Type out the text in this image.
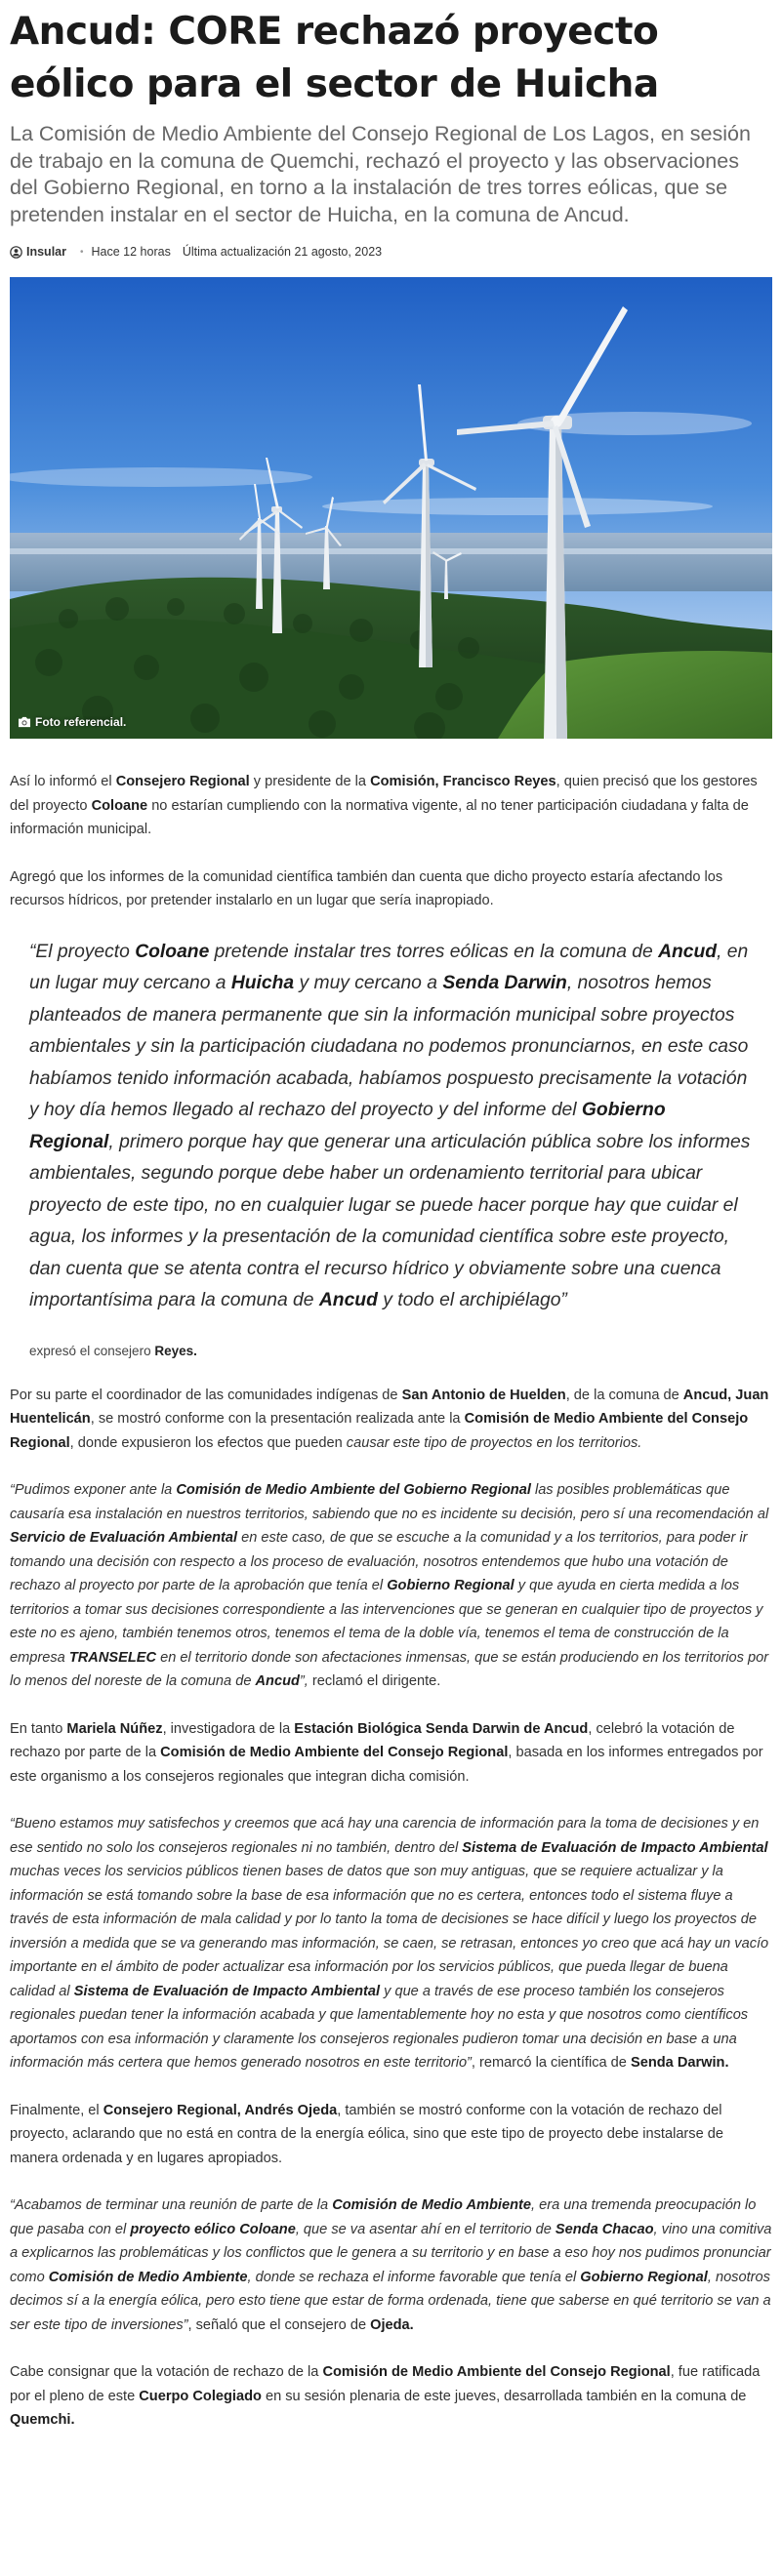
Ancud: CORE rechazó proyecto eólico para el sector de Huicha

La Comisión de Medio Ambiente del Consejo Regional de Los Lagos, en sesión de trabajo en la comuna de Quemchi, rechazó el proyecto y las observaciones del Gobierno Regional, en torno a la instalación de tres torres eólicas, que se pretenden instalar en el sector de Huicha, en la comuna de Ancud.

Insular • Hace 12 horas Última actualización 21 agosto, 2023
Foto referencial.

Así lo informó el Consejero Regional y presidente de la Comisión, Francisco Reyes, quien precisó que los gestores del proyecto Coloane no estarían cumpliendo con la normativa vigente, al no tener participación ciudadana y falta de información municipal.

Agregó que los informes de la comunidad científica también dan cuenta que dicho proyecto estaría afectando los recursos hídricos, por pretender instalarlo en un lugar que sería inapropiado.

“El proyecto Coloane pretende instalar tres torres eólicas en la comuna de Ancud, en un lugar muy cercano a Huicha y muy cercano a Senda Darwin, nosotros hemos planteados de manera permanente que sin la información municipal sobre proyectos ambientales y sin la participación ciudadana no podemos pronunciarnos, en este caso habíamos tenido información acabada, habíamos pospuesto precisamente la votación y hoy día hemos llegado al rechazo del proyecto y del informe del Gobierno Regional, primero porque hay que generar una articulación pública sobre los informes ambientales, segundo porque debe haber un ordenamiento territorial para ubicar proyecto de este tipo, no en cualquier lugar se puede hacer porque hay que cuidar el agua, los informes y la presentación de la comunidad científica sobre este proyecto, dan cuenta que se atenta contra el recurso hídrico y obviamente sobre una cuenca importantísima para la comuna de Ancud y todo el archipiélago”
expresó el consejero Reyes.

Por su parte el coordinador de las comunidades indígenas de San Antonio de Huelden, de la comuna de Ancud, Juan Huentelicán, se mostró conforme con la presentación realizada ante la Comisión de Medio Ambiente del Consejo Regional, donde expusieron los efectos que pueden causar este tipo de proyectos en los territorios.

“Pudimos exponer ante la Comisión de Medio Ambiente del Gobierno Regional las posibles problemáticas que causaría esa instalación en nuestros territorios, sabiendo que no es incidente su decisión, pero sí una recomendación al Servicio de Evaluación Ambiental en este caso, de que se escuche a la comunidad y a los territorios, para poder ir tomando una decisión con respecto a los proceso de evaluación, nosotros entendemos que hubo una votación de rechazo al proyecto por parte de la aprobación que tenía el Gobierno Regional y que ayuda en cierta medida a los territorios a tomar sus decisiones correspondiente a las intervenciones que se generan en cualquier tipo de proyectos y este no es ajeno, también tenemos otros, tenemos el tema de la doble vía, tenemos el tema de construcción de la empresa TRANSELEC en el territorio donde son afectaciones inmensas, que se están produciendo en los territorios por lo menos del noreste de la comuna de Ancud”, reclamó el dirigente.

En tanto Mariela Núñez, investigadora de la Estación Biológica Senda Darwin de Ancud, celebró la votación de rechazo por parte de la Comisión de Medio Ambiente del Consejo Regional, basada en los informes entregados por este organismo a los consejeros regionales que integran dicha comisión.

“Bueno estamos muy satisfechos y creemos que acá hay una carencia de información para la toma de decisiones y en ese sentido no solo los consejeros regionales ni no también, dentro del Sistema de Evaluación de Impacto Ambiental muchas veces los servicios públicos tienen bases de datos que son muy antiguas, que se requiere actualizar y la información se está tomando sobre la base de esa información que no es certera, entonces todo el sistema fluye a través de esta información de mala calidad y por lo tanto la toma de decisiones se hace difícil y luego los proyectos de inversión a medida que se va generando mas información, se caen, se retrasan, entonces yo creo que acá hay un vacío importante en el ámbito de poder actualizar esa información por los servicios públicos, que pueda llegar de buena calidad al Sistema de Evaluación de Impacto Ambiental y que a través de ese proceso también los consejeros regionales puedan tener la información acabada y que lamentablemente hoy no esta y que nosotros como científicos aportamos con esa información y claramente los consejeros regionales pudieron tomar una decisión en base a una información más certera que hemos generado nosotros en este territorio”, remarcó la científica de Senda Darwin.

Finalmente, el Consejero Regional, Andrés Ojeda, también se mostró conforme con la votación de rechazo del proyecto, aclarando que no está en contra de la energía eólica, sino que este tipo de proyecto debe instalarse de manera ordenada y en lugares apropiados.

“Acabamos de terminar una reunión de parte de la Comisión de Medio Ambiente, era una tremenda preocupación lo que pasaba con el proyecto eólico Coloane, que se va asentar ahí en el territorio de Senda Chacao, vino una comitiva a explicarnos las problemáticas y los conflictos que le genera a su territorio y en base a eso hoy nos pudimos pronunciar como Comisión de Medio Ambiente, donde se rechaza el informe favorable que tenía el Gobierno Regional, nosotros decimos sí a la energía eólica, pero esto tiene que estar de forma ordenada, tiene que saberse en qué territorio se van a ser este tipo de inversiones”, señaló que el consejero de Ojeda.

Cabe consignar que la votación de rechazo de la Comisión de Medio Ambiente del Consejo Regional, fue ratificada por el pleno de este Cuerpo Colegiado en su sesión plenaria de este jueves, desarrollada también en la comuna de Quemchi.
